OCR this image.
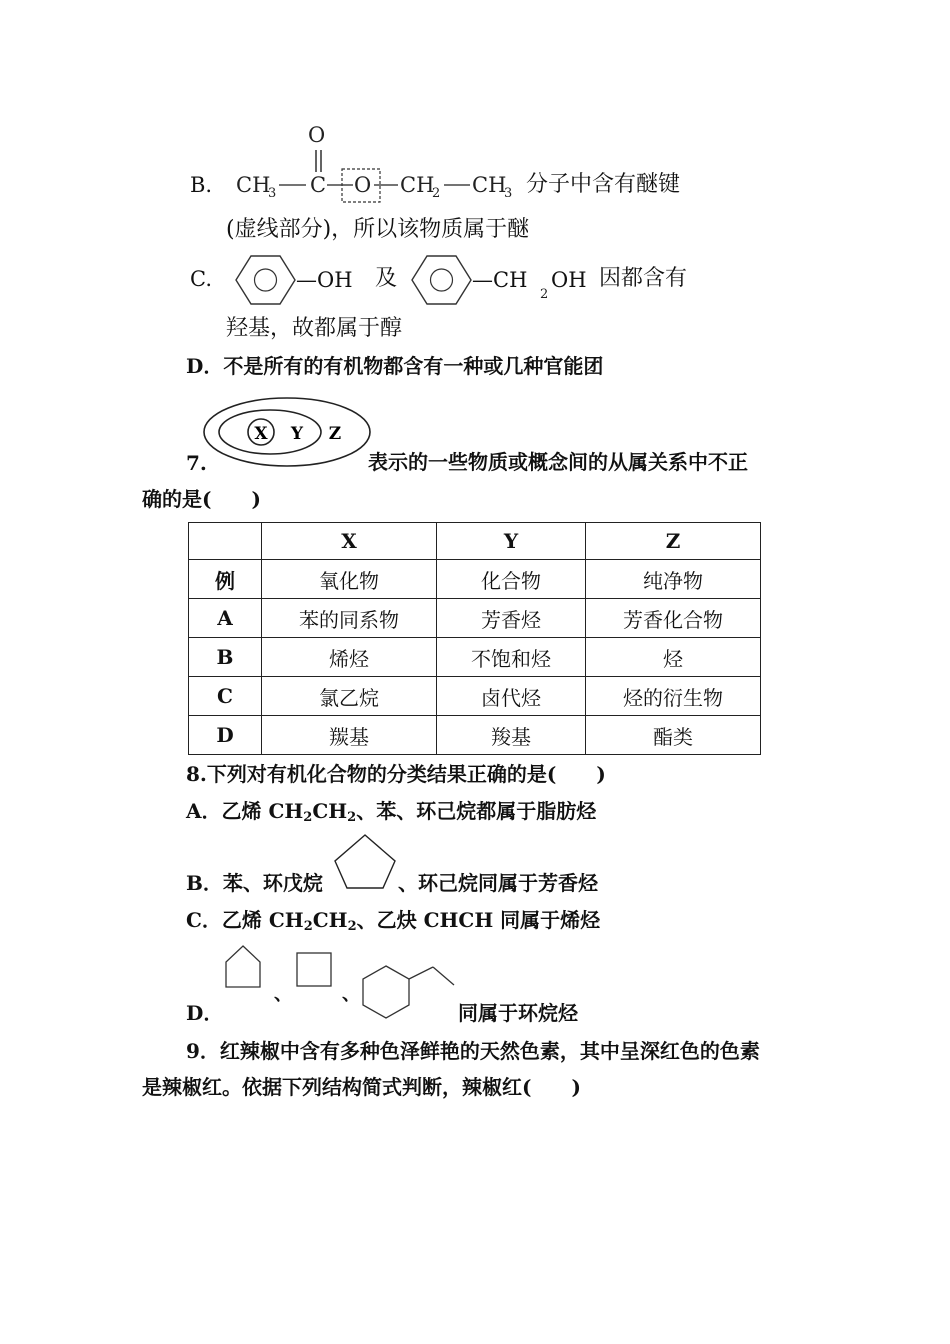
B.
O
CH
3 C O CH
2 CH
3 分子中含有醚键
(虚线部分)，所以该物质属于醚
C.
2
—OH 及	—CH OH 因都含有
羟基，故都属于醇
D．不是所有的有机物都含有一种或几种官能团
X Y Z
7.	表示的一些物质或概念间的从属关系中不正
确的是(　　)
	X	Y	Z
例	氧化物	化合物	纯净物
A	苯的同系物	芳香烃	芳香化合物
B	烯烃	不饱和烃	烃
C	氯乙烷	卤代烃	烃的衍生物
D	羰基	羧基	酯类
8.下列对有机化合物的分类结果正确的是(　　)
A．乙烯 $CH_2CH_2$、苯、环己烷都属于脂肪烃
B．苯、环戊烷	、环己烷同属于芳香烃
C．乙烯 $CH_2CH_2$、乙炔 CHCH 同属于烯烃
、	、
D．	同属于环烷烃
9．红辣椒中含有多种色泽鲜艳的天然色素，其中呈深红色的色素
是辣椒红。依据下列结构简式判断，辣椒红(　　)
